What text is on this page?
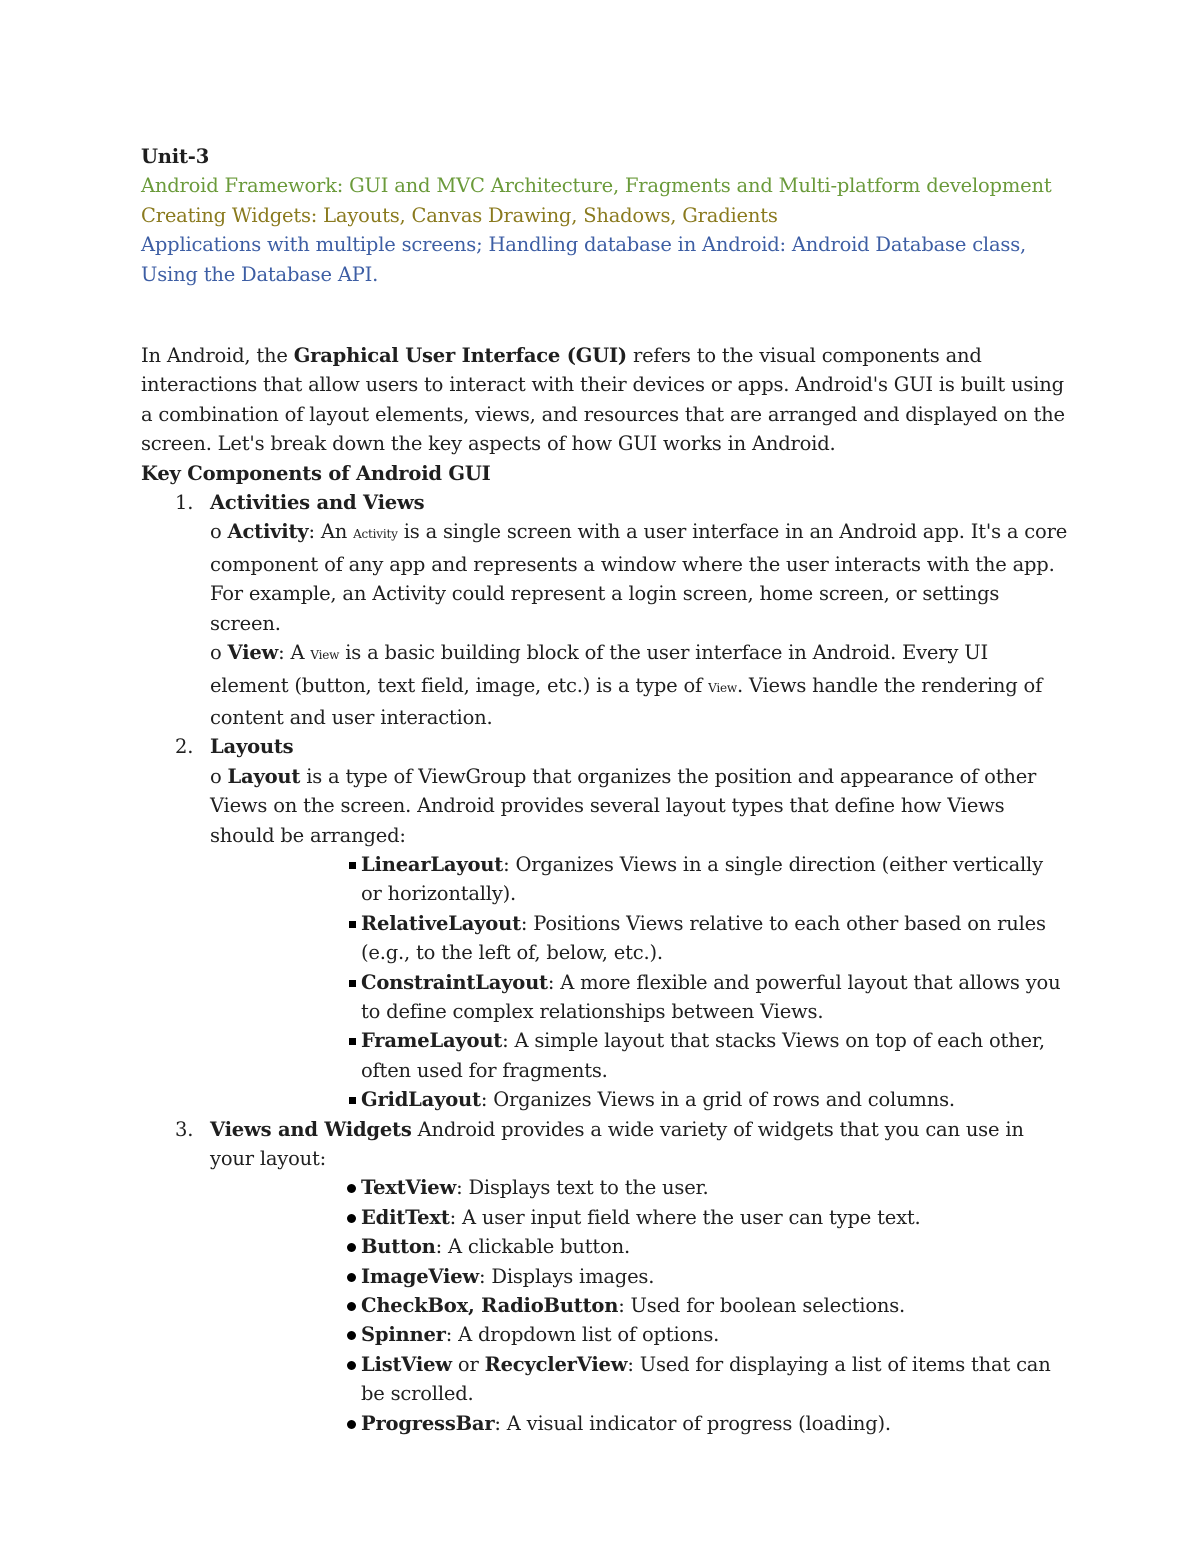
Unit-3

Android Framework: GUI and MVC Architecture, Fragments and Multi-platform development

Creating Widgets: Layouts, Canvas Drawing, Shadows, Gradients

Applications with multiple screens; Handling database in Android: Android Database class,

Using the Database API.

In Android, the Graphical User Interface (GUI) refers to the visual components and interactions that allow users to interact with their devices or apps. Android's GUI is built using a combination of layout elements, views, and resources that are arranged and displayed on the screen. Let's break down the key aspects of how GUI works in Android.

Key Components of Android GUI

1. Activities and Views

o Activity: An Activity is a single screen with a user interface in an Android app. It's a core component of any app and represents a window where the user interacts with the app. For example, an Activity could represent a login screen, home screen, or settings screen.

o View: A View is a basic building block of the user interface in Android. Every UI element (button, text field, image, etc.) is a type of View. Views handle the rendering of content and user interaction.

2. Layouts

o Layout is a type of ViewGroup that organizes the position and appearance of other Views on the screen. Android provides several layout types that define how Views should be arranged:

LinearLayout: Organizes Views in a single direction (either vertically or horizontally).
RelativeLayout: Positions Views relative to each other based on rules (e.g., to the left of, below, etc.).
ConstraintLayout: A more flexible and powerful layout that allows you to define complex relationships between Views.
FrameLayout: A simple layout that stacks Views on top of each other, often used for fragments.
GridLayout: Organizes Views in a grid of rows and columns.
3. Views and Widgets Android provides a wide variety of widgets that you can use in your layout:
TextView: Displays text to the user.
EditText: A user input field where the user can type text.
Button: A clickable button.
ImageView: Displays images.
CheckBox, RadioButton: Used for boolean selections.
Spinner: A dropdown list of options.
ListView or RecyclerView: Used for displaying a list of items that can be scrolled.
ProgressBar: A visual indicator of progress (loading).
